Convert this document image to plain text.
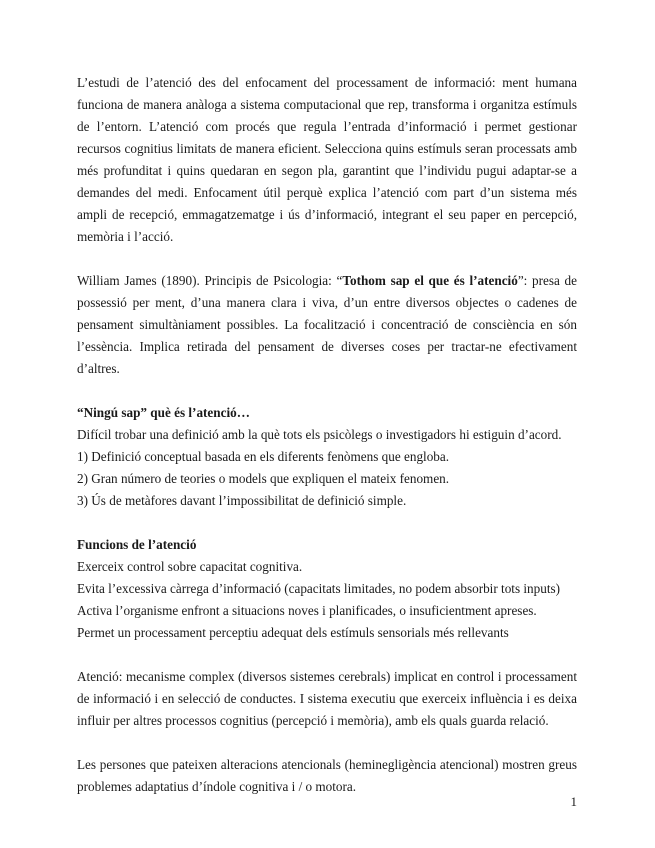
L’estudi de l’atenció des del enfocament del processament de informació: ment humana funciona de manera anàloga a sistema computacional que rep, transforma i organitza estímuls de l’entorn. L’atenció com procés que regula l’entrada d’informació i permet gestionar recursos cognitius limitats de manera eficient. Selecciona quins estímuls seran processats amb més profunditat i quins quedaran en segon pla, garantint que l’individu pugui adaptar-se a demandes del medi. Enfocament útil perquè explica l’atenció com part d’un sistema més ampli de recepció, emmagatzematge i ús d’informació, integrant el seu paper en percepció, memòria i l’acció.

William James (1890). Principis de Psicologia: “Tothom sap el que és l’atenció”: presa de possessió per ment, d’una manera clara i viva, d’un entre diversos objectes o cadenes de pensament simultàniament possibles. La focalització i concentració de consciència en són l’essència. Implica retirada del pensament de diverses coses per tractar-ne efectivament d’altres.

“Ningú sap” què és l’atenció…

Difícil trobar una definició amb la què tots els psicòlegs o investigadors hi estiguin d’acord.

1) Definició conceptual basada en els diferents fenòmens que engloba.

2) Gran número de teories o models que expliquen el mateix fenomen.

3) Ús de metàfores davant l’impossibilitat de definició simple.

Funcions de l’atenció

Exerceix control sobre capacitat cognitiva.

Evita l’excessiva càrrega d’informació (capacitats limitades, no podem absorbir tots inputs)

Activa l’organisme enfront a situacions noves i planificades, o insuficientment apreses.

Permet un processament perceptiu adequat dels estímuls sensorials més rellevants

Atenció: mecanisme complex (diversos sistemes cerebrals) implicat en control i processament de informació i en selecció de conductes. I sistema executiu que exerceix influència i es deixa influir per altres processos cognitius (percepció i memòria), amb els quals guarda relació.

Les persones que pateixen alteracions atencionals (heminegligència atencional) mostren greus problemes adaptatius d’índole cognitiva i / o motora.

1
